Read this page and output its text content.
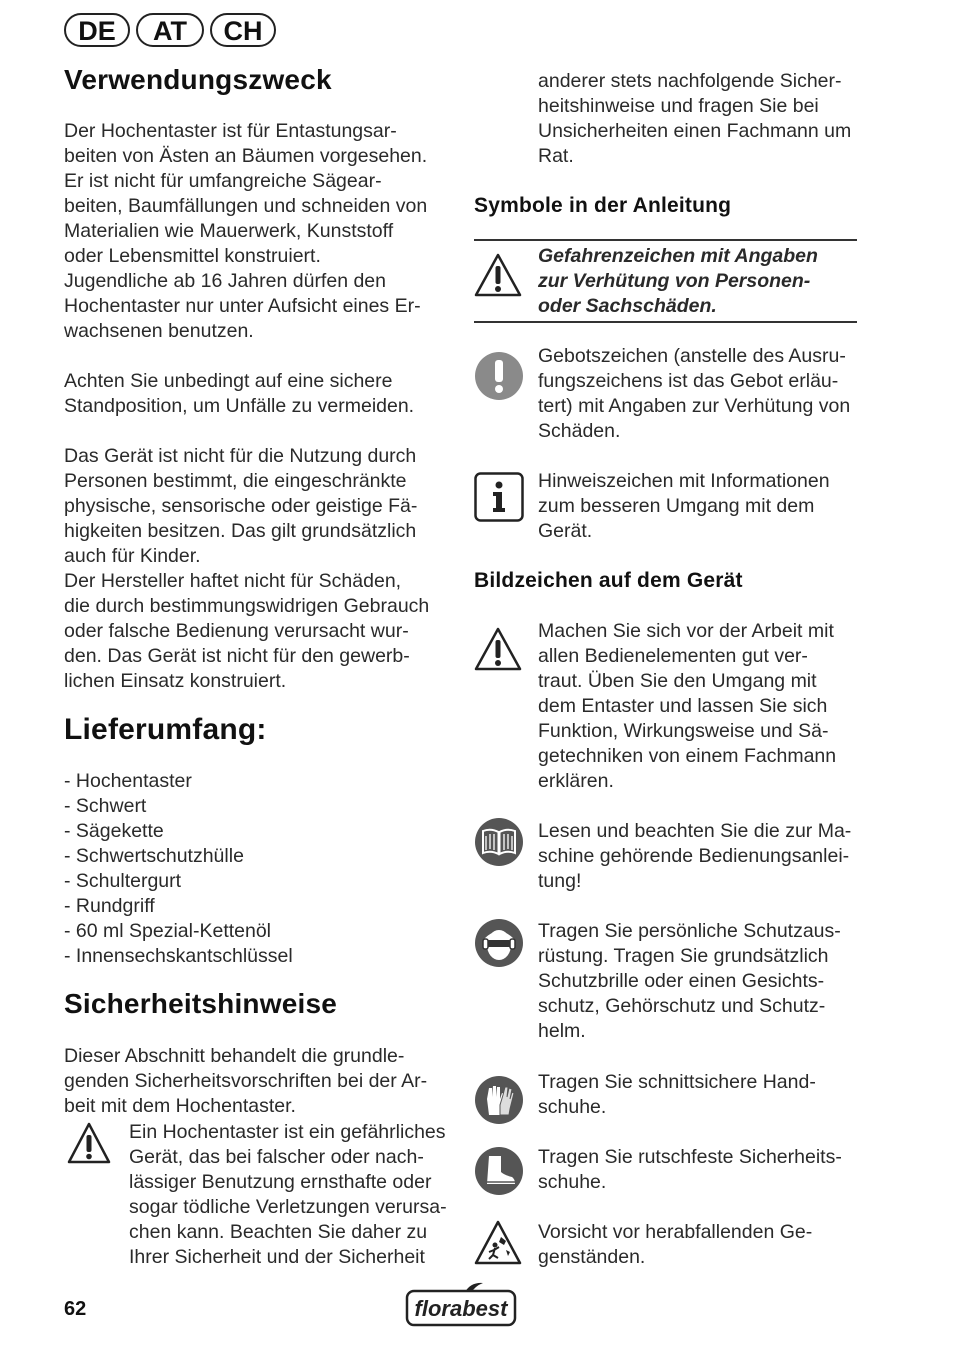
DE	AT	CH
Verwendungszweck

Der Hochentaster ist für Entastungsar-
beiten von Ästen an Bäumen vorgesehen.
Er ist nicht für umfangreiche Sägear-
beiten, Baumfällungen und schneiden von
Materialien wie Mauerwerk, Kunststoff
oder Lebensmittel konstruiert.
Jugendliche ab 16 Jahren dürfen den
Hochentaster nur unter Aufsicht eines Er-
wachsenen benutzen.

Achten Sie unbedingt auf eine sichere
Standposition, um Unfälle zu vermeiden.

Das Gerät ist nicht für die Nutzung durch
Personen bestimmt, die eingeschränkte
physische, sensorische oder geistige Fä-
higkeiten besitzen. Das gilt grundsätzlich
auch für Kinder.
Der Hersteller haftet nicht für Schäden,
die durch bestimmungswidrigen Gebrauch
oder falsche Bedienung verursacht wur-
den. Das Gerät ist nicht für den gewerb-
lichen Einsatz konstruiert.

Lieferumfang:

- Hochentaster
- Schwert
- Sägekette
- Schwertschutzhülle
- Schultergurt
- Rundgriff
- 60 ml Spezial-Kettenöl
- Innensechskantschlüssel

Sicherheitshinweise

Dieser Abschnitt behandelt die grundle-
genden Sicherheitsvorschriften bei der Ar-
beit mit dem Hochentaster.

Ein Hochentaster ist ein gefährliches
Gerät, das bei falscher oder nach-
lässiger Benutzung ernsthafte oder
sogar tödliche Verletzungen verursa-
chen kann. Beachten Sie daher zu
Ihrer Sicherheit und der Sicherheit

anderer stets nachfolgende Sicher-
heitshinweise und fragen Sie bei
Unsicherheiten einen Fachmann um
Rat.

Symbole in der Anleitung

Gefahrenzeichen mit Angaben
zur Verhütung von Personen-
oder Sachschäden.

Gebotszeichen (anstelle des Ausru-
fungszeichens ist das Gebot erläu-
tert) mit Angaben zur Verhütung von
Schäden.

Hinweiszeichen mit Informationen
zum besseren Umgang mit dem
Gerät.

Bildzeichen auf dem Gerät

Machen Sie sich vor der Arbeit mit
allen Bedienelementen gut ver-
traut. Üben Sie den Umgang mit
dem Entaster und lassen Sie sich
Funktion, Wirkungsweise und Sä-
getechniken von einem Fachmann
erklären.

Lesen und beachten Sie die zur Ma-
schine gehörende Bedienungsanlei-
tung!

Tragen Sie persönliche Schutzaus-
rüstung. Tragen Sie grundsätzlich
Schutzbrille oder einen Gesichts-
schutz, Gehörschutz und Schutz-
helm.

Tragen Sie schnittsichere Hand-
schuhe.

Tragen Sie rutschfeste Sicherheits-
schuhe.

Vorsicht vor herabfallenden Ge-
genständen.

62	florabest
